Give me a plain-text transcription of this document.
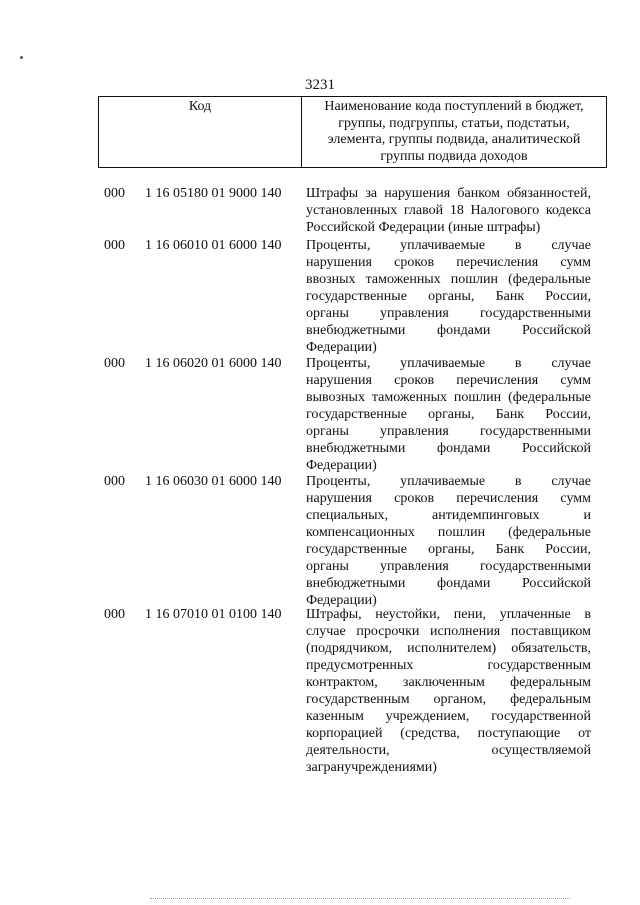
3231
Код	Наименование кода поступлений в бюджет,
группы, подгруппы, статьи, подстатьи,
элемента, группы подвида, аналитической
группы подвида доходов
000	1 16 05180 01 9000 140	Штрафы за нарушения банком обязанностей,
установленных главой 18 Налогового кодекса
Российской Федерации (иные штрафы)
000	1 16 06010 01 6000 140	Проценты, уплачиваемые в случае
нарушения сроков перечисления сумм
ввозных таможенных пошлин (федеральные
государственные органы, Банк России,
органы управления государственными
внебюджетными фондами Российской
Федерации)
000	1 16 06020 01 6000 140	Проценты, уплачиваемые в случае
нарушения сроков перечисления сумм
вывозных таможенных пошлин (федеральные
государственные органы, Банк России,
органы управления государственными
внебюджетными фондами Российской
Федерации)
000	1 16 06030 01 6000 140	Проценты, уплачиваемые в случае
нарушения сроков перечисления сумм
специальных, антидемпинговых и
компенсационных пошлин (федеральные
государственные органы, Банк России,
органы управления государственными
внебюджетными фондами Российской
Федерации)
000	1 16 07010 01 0100 140	Штрафы, неустойки, пени, уплаченные в
случае просрочки исполнения поставщиком
(подрядчиком, исполнителем) обязательств,
предусмотренных государственным
контрактом, заключенным федеральным
государственным органом, федеральным
казенным учреждением, государственной
корпорацией (средства, поступающие от
деятельности, осуществляемой
загранучреждениями)
